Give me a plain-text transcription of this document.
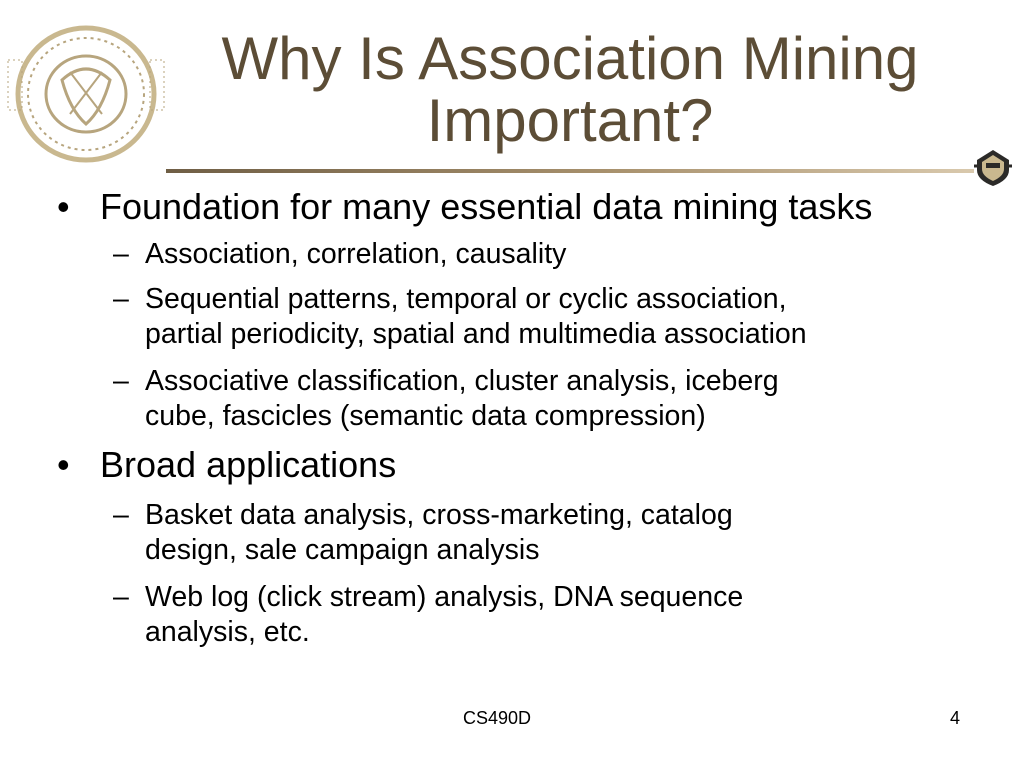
Why Is Association Mining
Important?
• Foundation for many essential data mining tasks
– Association, correlation, causality
– Sequential patterns, temporal or cyclic association,
partial periodicity, spatial and multimedia association
– Associative classification, cluster analysis, iceberg
cube, fascicles (semantic data compression)
• Broad applications
– Basket data analysis, cross-marketing, catalog
design, sale campaign analysis
– Web log (click stream) analysis, DNA sequence
analysis, etc.
CS490D	4
